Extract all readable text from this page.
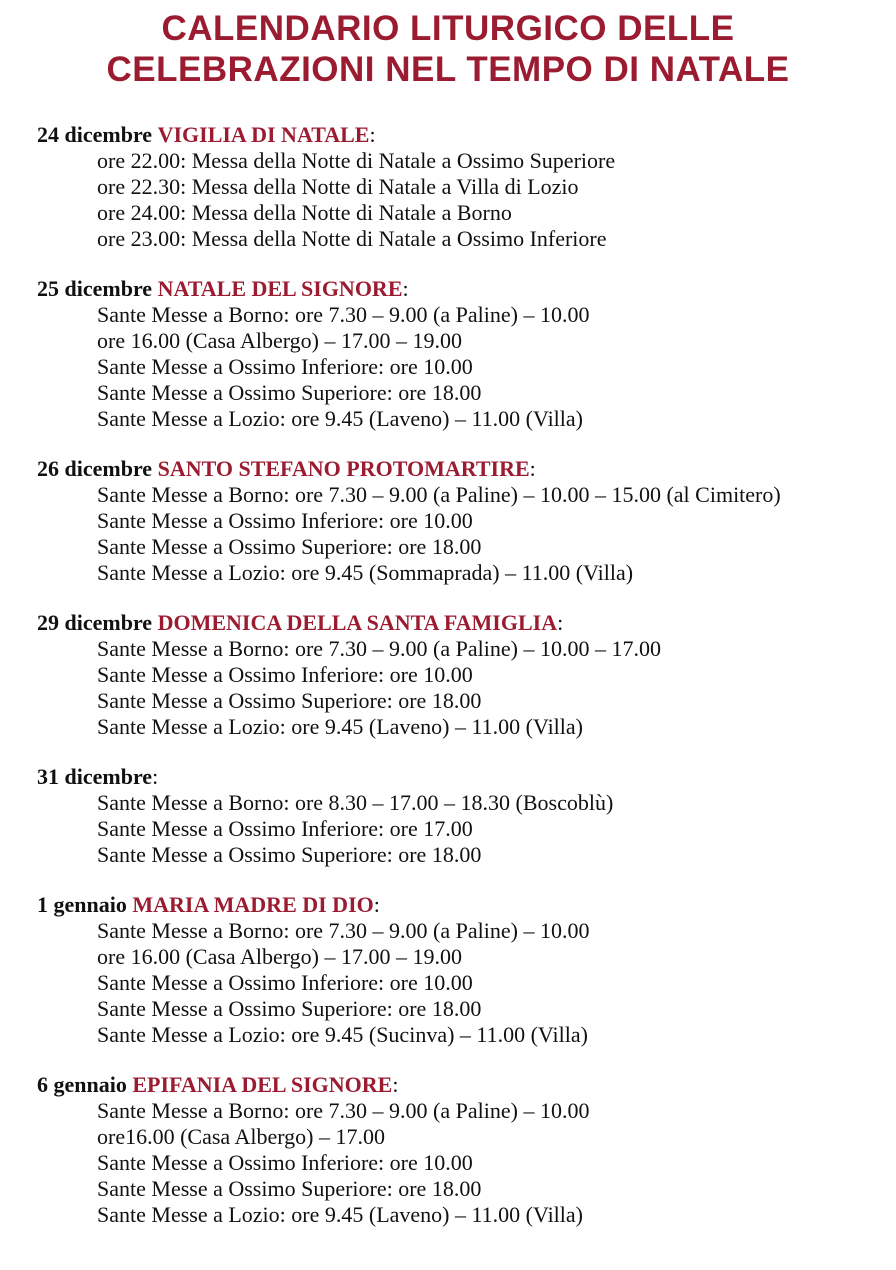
CALENDARIO LITURGICO DELLE
CELEBRAZIONI NEL TEMPO DI NATALE
24 dicembre VIGILIA DI NATALE:
ore 22.00: Messa della Notte di Natale a Ossimo Superiore
ore 22.30: Messa della Notte di Natale a Villa di Lozio
ore 24.00: Messa della Notte di Natale a Borno
ore 23.00: Messa della Notte di Natale a Ossimo Inferiore
25 dicembre NATALE DEL SIGNORE:
Sante Messe a Borno: ore 7.30 – 9.00 (a Paline) – 10.00
ore 16.00 (Casa Albergo) – 17.00 – 19.00
Sante Messe a Ossimo Inferiore: ore 10.00
Sante Messe a Ossimo Superiore: ore 18.00
Sante Messe a Lozio: ore 9.45 (Laveno) – 11.00 (Villa)
26 dicembre SANTO STEFANO PROTOMARTIRE:
Sante Messe a Borno: ore 7.30 – 9.00 (a Paline) – 10.00 – 15.00 (al Cimitero)
Sante Messe a Ossimo Inferiore: ore 10.00
Sante Messe a Ossimo Superiore: ore 18.00
Sante Messe a Lozio: ore 9.45 (Sommaprada) – 11.00 (Villa)
29 dicembre DOMENICA DELLA SANTA FAMIGLIA:
Sante Messe a Borno: ore 7.30 – 9.00 (a Paline) – 10.00 – 17.00
Sante Messe a Ossimo Inferiore: ore 10.00
Sante Messe a Ossimo Superiore: ore 18.00
Sante Messe a Lozio: ore 9.45 (Laveno) – 11.00 (Villa)
31 dicembre:
Sante Messe a Borno: ore 8.30 – 17.00 – 18.30 (Boscoblù)
Sante Messe a Ossimo Inferiore: ore 17.00
Sante Messe a Ossimo Superiore: ore 18.00
1 gennaio MARIA MADRE DI DIO:
Sante Messe a Borno: ore 7.30 – 9.00 (a Paline) – 10.00
ore 16.00 (Casa Albergo) – 17.00 – 19.00
Sante Messe a Ossimo Inferiore: ore 10.00
Sante Messe a Ossimo Superiore: ore 18.00
Sante Messe a Lozio: ore 9.45 (Sucinva) – 11.00 (Villa)
6 gennaio EPIFANIA DEL SIGNORE:
Sante Messe a Borno: ore 7.30 – 9.00 (a Paline) – 10.00
ore16.00 (Casa Albergo) – 17.00
Sante Messe a Ossimo Inferiore: ore 10.00
Sante Messe a Ossimo Superiore: ore 18.00
Sante Messe a Lozio: ore 9.45 (Laveno) – 11.00 (Villa)
